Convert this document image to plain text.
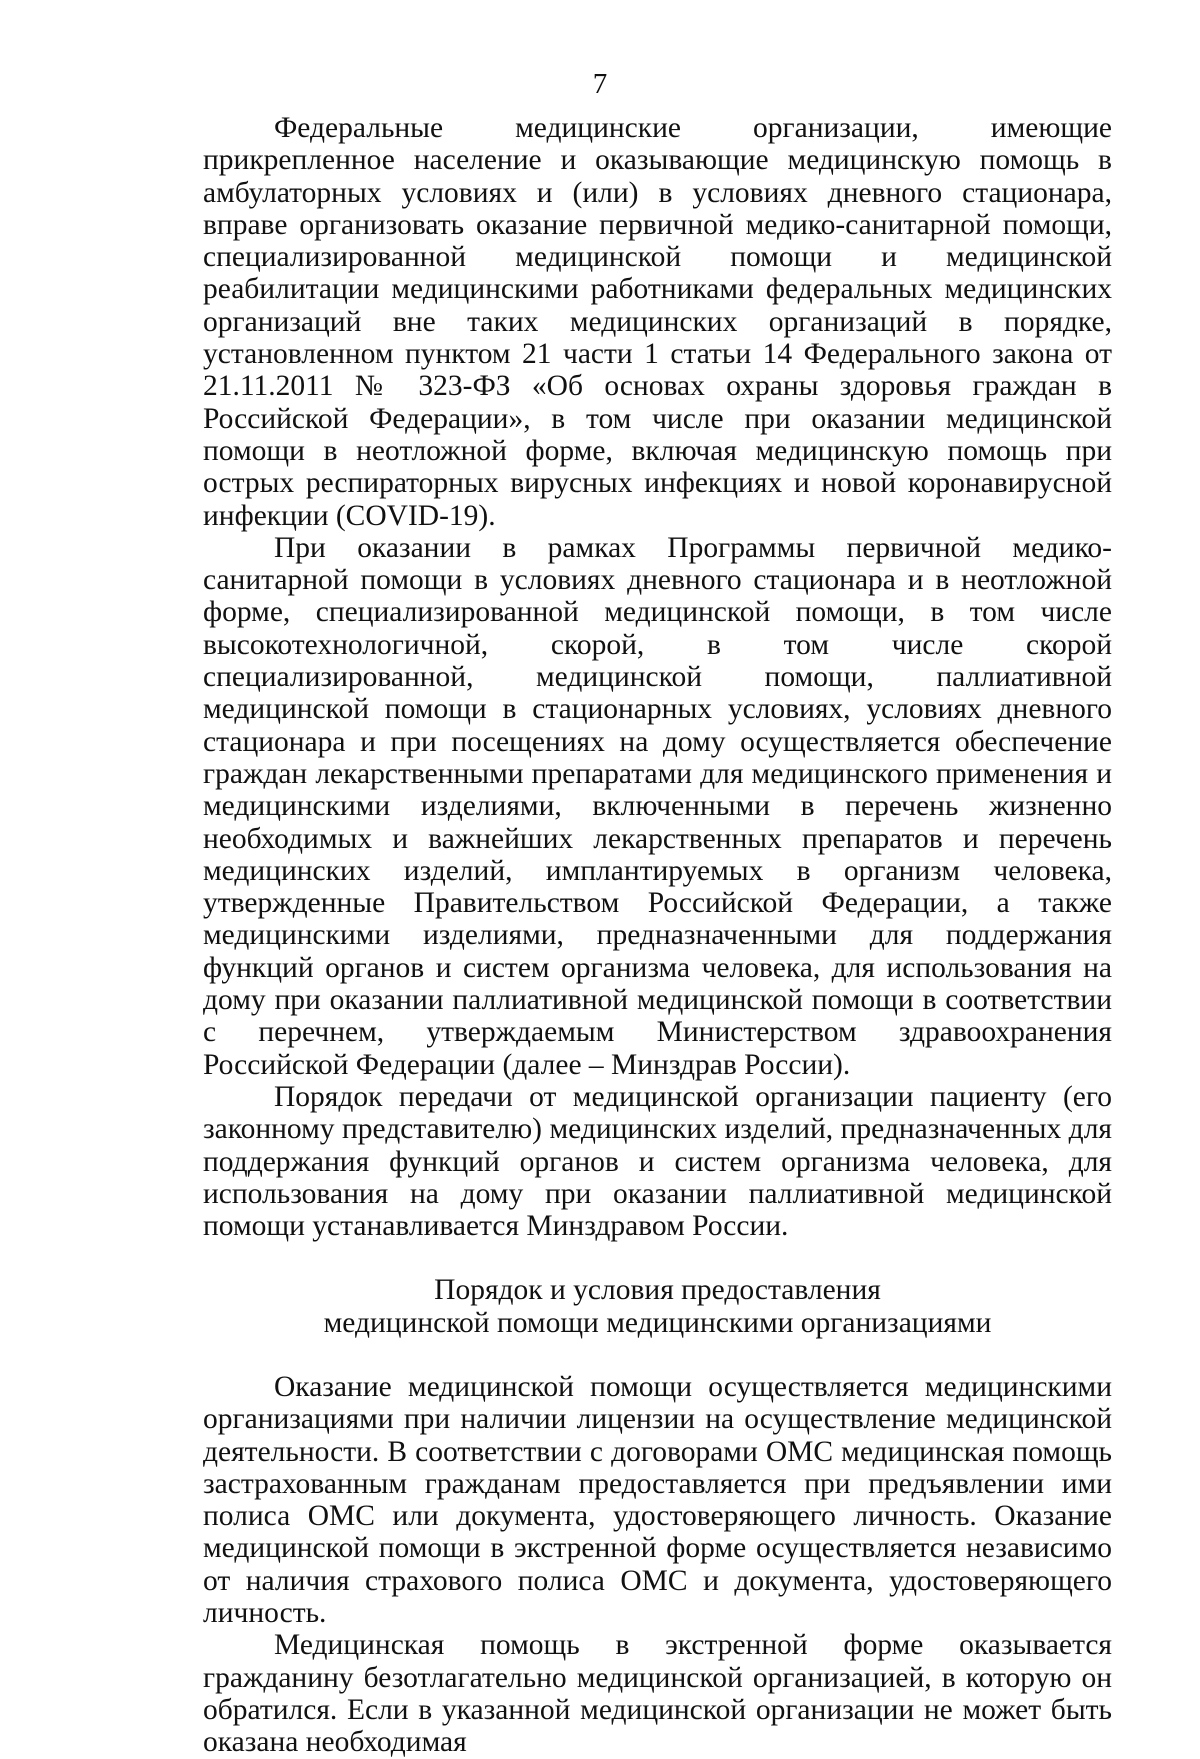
7

Федеральные медицинские организации, имеющие прикрепленное население и оказывающие медицинскую помощь в амбулаторных условиях и (или) в условиях дневного стационара, вправе организовать оказание первичной медико-санитарной помощи, специализированной медицинской помощи и медицинской реабилитации медицинскими работниками федеральных медицинских организаций вне таких медицинских организаций в порядке, установленном пунктом 21 части 1 статьи 14 Федерального закона от 21.11.2011 № 323-ФЗ «Об основах охраны здоровья граждан в Российской Федерации», в том числе при оказании медицинской помощи в неотложной форме, включая медицинскую помощь при острых респираторных вирусных инфекциях и новой коронавирусной инфекции (COVID-19).

При оказании в рамках Программы первичной медико-санитарной помощи в условиях дневного стационара и в неотложной форме, специализированной медицинской помощи, в том числе высокотехнологичной, скорой, в том числе скорой специализированной, медицинской помощи, паллиативной медицинской помощи в стационарных условиях, условиях дневного стационара и при посещениях на дому осуществляется обеспечение граждан лекарственными препаратами для медицинского применения и медицинскими изделиями, включенными в перечень жизненно необходимых и важнейших лекарственных препаратов и перечень медицинских изделий, имплантируемых в организм человека, утвержденные Правительством Российской Федерации, а также медицинскими изделиями, предназначенными для поддержания функций органов и систем организма человека, для использования на дому при оказании паллиативной медицинской помощи в соответствии с перечнем, утверждаемым Министерством здравоохранения Российской Федерации (далее – Минздрав России).

Порядок передачи от медицинской организации пациенту (его законному представителю) медицинских изделий, предназначенных для поддержания функций органов и систем организма человека, для использования на дому при оказании паллиативной медицинской помощи устанавливается Минздравом России.

Порядок и условия предоставления

медицинской помощи медицинскими организациями

Оказание медицинской помощи осуществляется медицинскими организациями при наличии лицензии на осуществление медицинской деятельности. В соответствии с договорами ОМС медицинская помощь застрахованным гражданам предоставляется при предъявлении ими полиса ОМС или документа, удостоверяющего личность. Оказание медицинской помощи в экстренной форме осуществляется независимо от наличия страхового полиса ОМС и документа, удостоверяющего личность.

Медицинская помощь в экстренной форме оказывается гражданину безотлагательно медицинской организацией, в которую он обратился. Если в указанной медицинской организации не может быть оказана необходимая
